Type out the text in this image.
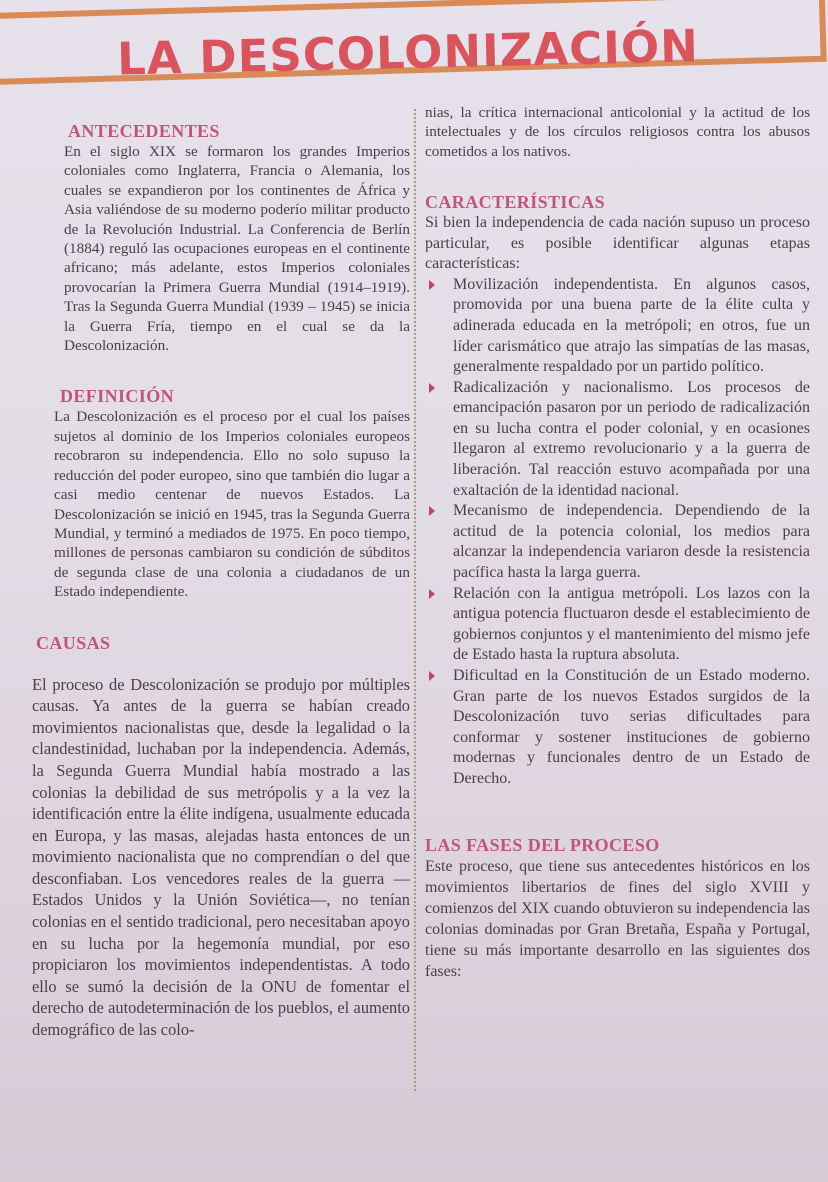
LA DESCOLONIZACIÓN
ANTECEDENTES

En el siglo XIX se formaron los grandes Imperios coloniales como Inglaterra, Francia o Alemania, los cuales se expandieron por los continentes de África y Asia valiéndose de su moderno poderío militar producto de la Revolución Industrial. La Conferencia de Berlín (1884) reguló las ocupaciones europeas en el continente africano; más adelante, estos Imperios coloniales provocarían la Primera Guerra Mundial (1914–1919). Tras la Segunda Guerra Mundial (1939 – 1945) se inicia la Guerra Fría, tiempo en el cual se da la Descolonización.

DEFINICIÓN

La Descolonización es el proceso por el cual los países sujetos al dominio de los Imperios coloniales europeos recobraron su independencia. Ello no solo supuso la reducción del poder europeo, sino que también dio lugar a casi medio centenar de nuevos Estados. La Descolonización se inició en 1945, tras la Segunda Guerra Mundial, y terminó a mediados de 1975. En poco tiempo, millones de personas cambiaron su condición de súbditos de segunda clase de una colonia a ciudadanos de un Estado independiente.

CAUSAS

El proceso de Descolonización se produjo por múltiples causas. Ya antes de la guerra se habían creado movimientos nacionalistas que, desde la legalidad o la clandestinidad, luchaban por la independencia. Además, la Segunda Guerra Mundial había mostrado a las colonias la debilidad de sus metrópolis y a la vez la identificación entre la élite indígena, usualmente educada en Europa, y las masas, alejadas hasta entonces de un movimiento nacionalista que no comprendían o del que desconfiaban. Los vencedores reales de la guerra —Estados Unidos y la Unión Soviética—, no tenían colonias en el sentido tradicional, pero necesitaban apoyo en su lucha por la hegemonía mundial, por eso propiciaron los movimientos independentistas. A todo ello se sumó la decisión de la ONU de fomentar el derecho de autodeterminación de los pueblos, el aumento demográfico de las colo-

nias, la crítica internacional anticolonial y la actitud de los intelectuales y de los círculos religiosos contra los abusos cometidos a los nativos.

CARACTERÍSTICAS

Si bien la independencia de cada nación supuso un proceso particular, es posible identificar algunas etapas características:

Movilización independentista. En algunos casos, promovida por una buena parte de la élite culta y adinerada educada en la metrópoli; en otros, fue un líder carismático que atrajo las simpatías de las masas, generalmente respaldado por un partido político.
Radicalización y nacionalismo. Los procesos de emancipación pasaron por un periodo de radicalización en su lucha contra el poder colonial, y en ocasiones llegaron al extremo revolucionario y a la guerra de liberación. Tal reacción estuvo acompañada por una exaltación de la identidad nacional.
Mecanismo de independencia. Dependiendo de la actitud de la potencia colonial, los medios para alcanzar la independencia variaron desde la resistencia pacífica hasta la larga guerra.
Relación con la antigua metrópoli. Los lazos con la antigua potencia fluctuaron desde el establecimiento de gobiernos conjuntos y el mantenimiento del mismo jefe de Estado hasta la ruptura absoluta.
Dificultad en la Constitución de un Estado moderno. Gran parte de los nuevos Estados surgidos de la Descolonización tuvo serias dificultades para conformar y sostener instituciones de gobierno modernas y funcionales dentro de un Estado de Derecho.
LAS FASES DEL PROCESO

Este proceso, que tiene sus antecedentes históricos en los movimientos libertarios de fines del siglo XVIII y comienzos del XIX cuando obtuvieron su independencia las colonias dominadas por Gran Bretaña, España y Portugal, tiene su más importante desarrollo en las siguientes dos fases:
